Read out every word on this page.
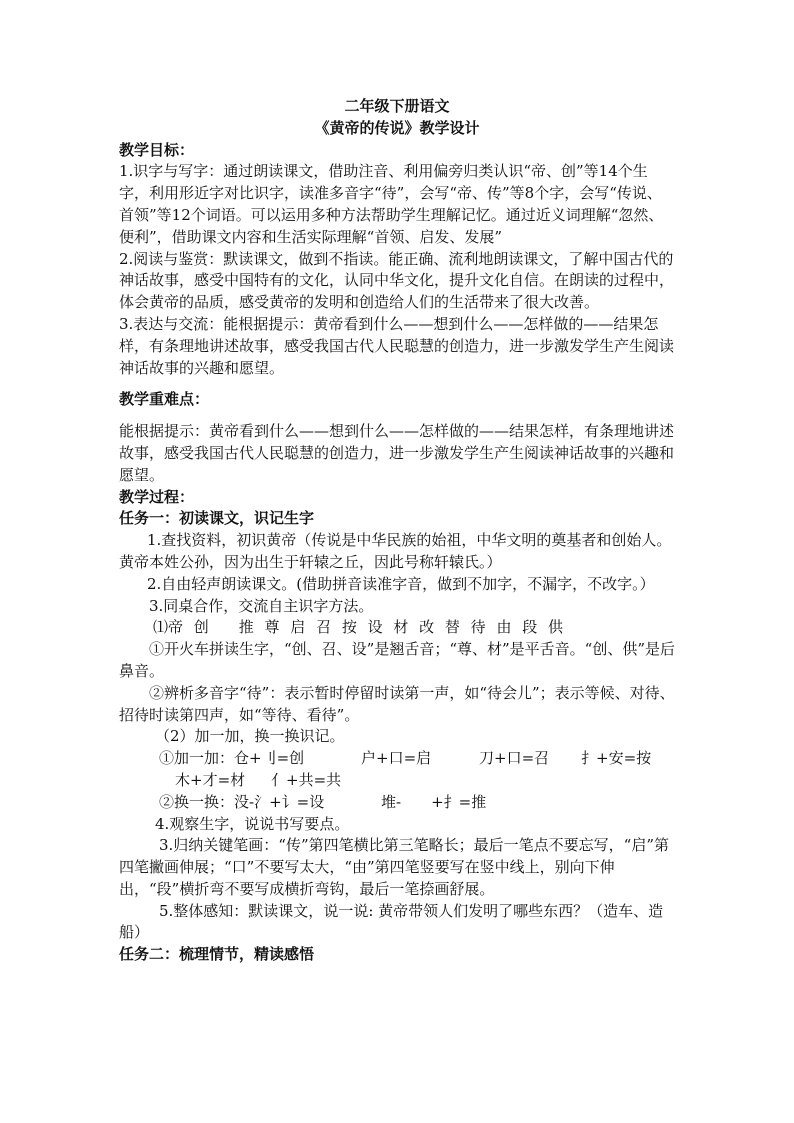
二年级下册语文

《黄帝的传说》教学设计

教学目标：

1.识字与写字：通过朗读课文，借助注音、利用偏旁归类认识“帝、创”等14个生字，利用形近字对比识字，读准多音字“待”，会写“帝、传”等8个字，会写“传说、首领”等12个词语。可以运用多种方法帮助学生理解记忆。通过近义词理解“忽然、便利”，借助课文内容和生活实际理解“首领、启发、发展”

2.阅读与鉴赏：默读课文，做到不指读。能正确、流利地朗读课文，了解中国古代的神话故事，感受中国特有的文化，认同中华文化，提升文化自信。在朗读的过程中，体会黄帝的品质，感受黄帝的发明和创造给人们的生活带来了很大改善。

3.表达与交流：能根据提示：黄帝看到什么——想到什么——怎样做的——结果怎样，有条理地讲述故事，感受我国古代人民聪慧的创造力，进一步激发学生产生阅读神话故事的兴趣和愿望。

教学重难点：

能根据提示：黄帝看到什么——想到什么——怎样做的——结果怎样，有条理地讲述故事，感受我国古代人民聪慧的创造力，进一步激发学生产生阅读神话故事的兴趣和愿望。

教学过程：

任务一：初读课文，识记生字

1.查找资料，初识黄帝（传说是中华民族的始祖，中华文明的奠基者和创始人。黄帝本姓公孙，因为出生于轩辕之丘，因此号称轩辕氏。）

2.自由轻声朗读课文。(借助拼音读准字音，做到不加字，不漏字，不改字。）

3.同桌合作，交流自主识字方法。

⑴帝 创　　推 尊 启 召 按 设 材 改 替 待 由 段 供

①开火车拼读生字，“创、召、设”是翘舌音；“尊、材”是平舌音。“创、供”是后鼻音。

②辨析多音字“待”：表示暂时停留时读第一声，如“待会儿”；表示等候、对待、招待时读第四声，如“等待、看待”。

（2）加一加，换一换识记。

①加一加：仓+刂=创	户+口=启	刀+口=召	扌+安=按
木+才=材	亻+共=共
②换一换：没-氵+讠=设	堆-　　+扌=推

4.观察生字，说说书写要点。

3.归纳关键笔画：“传”第四笔横比第三笔略长；最后一笔点不要忘写，“启”第四笔撇画伸展；“口”不要写太大，“由”第四笔竖要写在竖中线上，别向下伸出，“段”横折弯不要写成横折弯钩，最后一笔捺画舒展。

5.整体感知：默读课文，说一说: 黄帝带领人们发明了哪些东西？（造车、造船）

任务二：梳理情节，精读感悟
